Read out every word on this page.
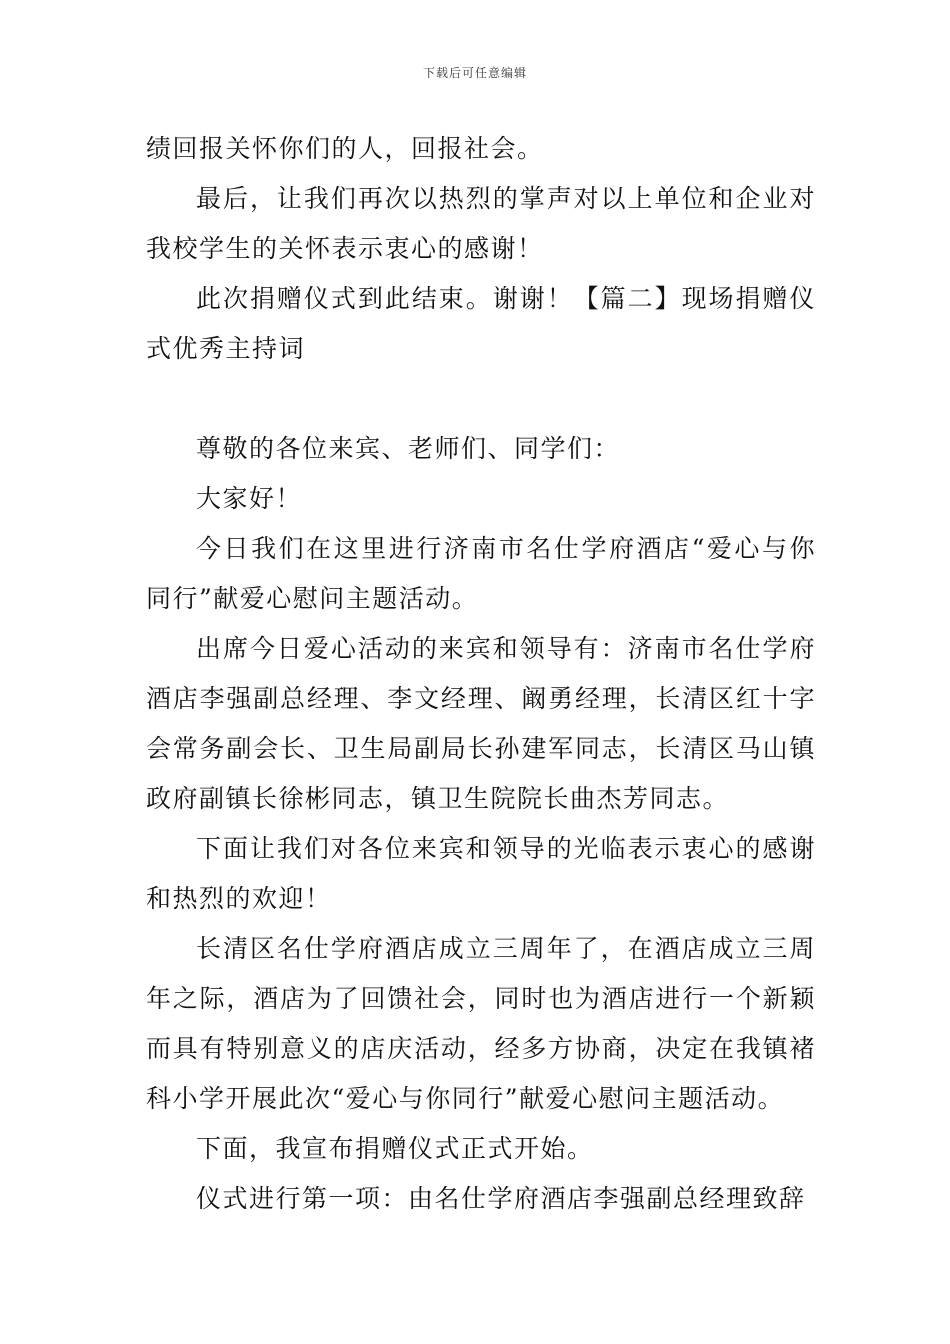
下载后可任意编辑

绩回报关怀你们的人，回报社会。

最后，让我们再次以热烈的掌声对以上单位和企业对我校学生的关怀表示衷心的感谢！

此次捐赠仪式到此结束。谢谢！【篇二】现场捐赠仪式优秀主持词

尊敬的各位来宾、老师们、同学们：

大家好！

今日我们在这里进行济南市名仕学府酒店“爱心与你同行”献爱心慰问主题活动。

出席今日爱心活动的来宾和领导有：济南市名仕学府酒店李强副总经理、李文经理、阚勇经理，长清区红十字会常务副会长、卫生局副局长孙建军同志，长清区马山镇政府副镇长徐彬同志，镇卫生院院长曲杰芳同志。

下面让我们对各位来宾和领导的光临表示衷心的感谢和热烈的欢迎！

长清区名仕学府酒店成立三周年了，在酒店成立三周年之际，酒店为了回馈社会，同时也为酒店进行一个新颖而具有特别意义的店庆活动，经多方协商，决定在我镇褚科小学开展此次“爱心与你同行”献爱心慰问主题活动。

下面，我宣布捐赠仪式正式开始。

仪式进行第一项：由名仕学府酒店李强副总经理致辞
